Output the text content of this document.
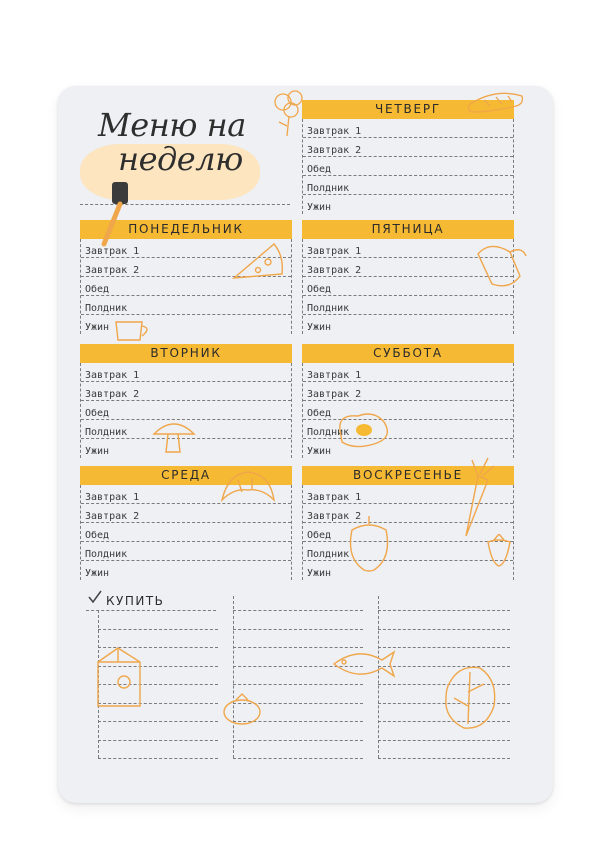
Меню на
неделю
ЧЕТВЕРГ
Завтрак 1
Завтрак 2
Обед
Полдник
Ужин
ПОНЕДЕЛЬНИК
Завтрак 1
Завтрак 2
Обед
Полдник
Ужин
ПЯТНИЦА
Завтрак 1
Завтрак 2
Обед
Полдник
Ужин
ВТОРНИК
Завтрак 1
Завтрак 2
Обед
Полдник
Ужин
СУББОТА
Завтрак 1
Завтрак 2
Обед
Полдник
Ужин
СРЕДА
Завтрак 1
Завтрак 2
Обед
Полдник
Ужин
ВОСКРЕСЕНЬЕ
Завтрак 1
Завтрак 2
Обед
Полдник
Ужин
КУПИТЬ
